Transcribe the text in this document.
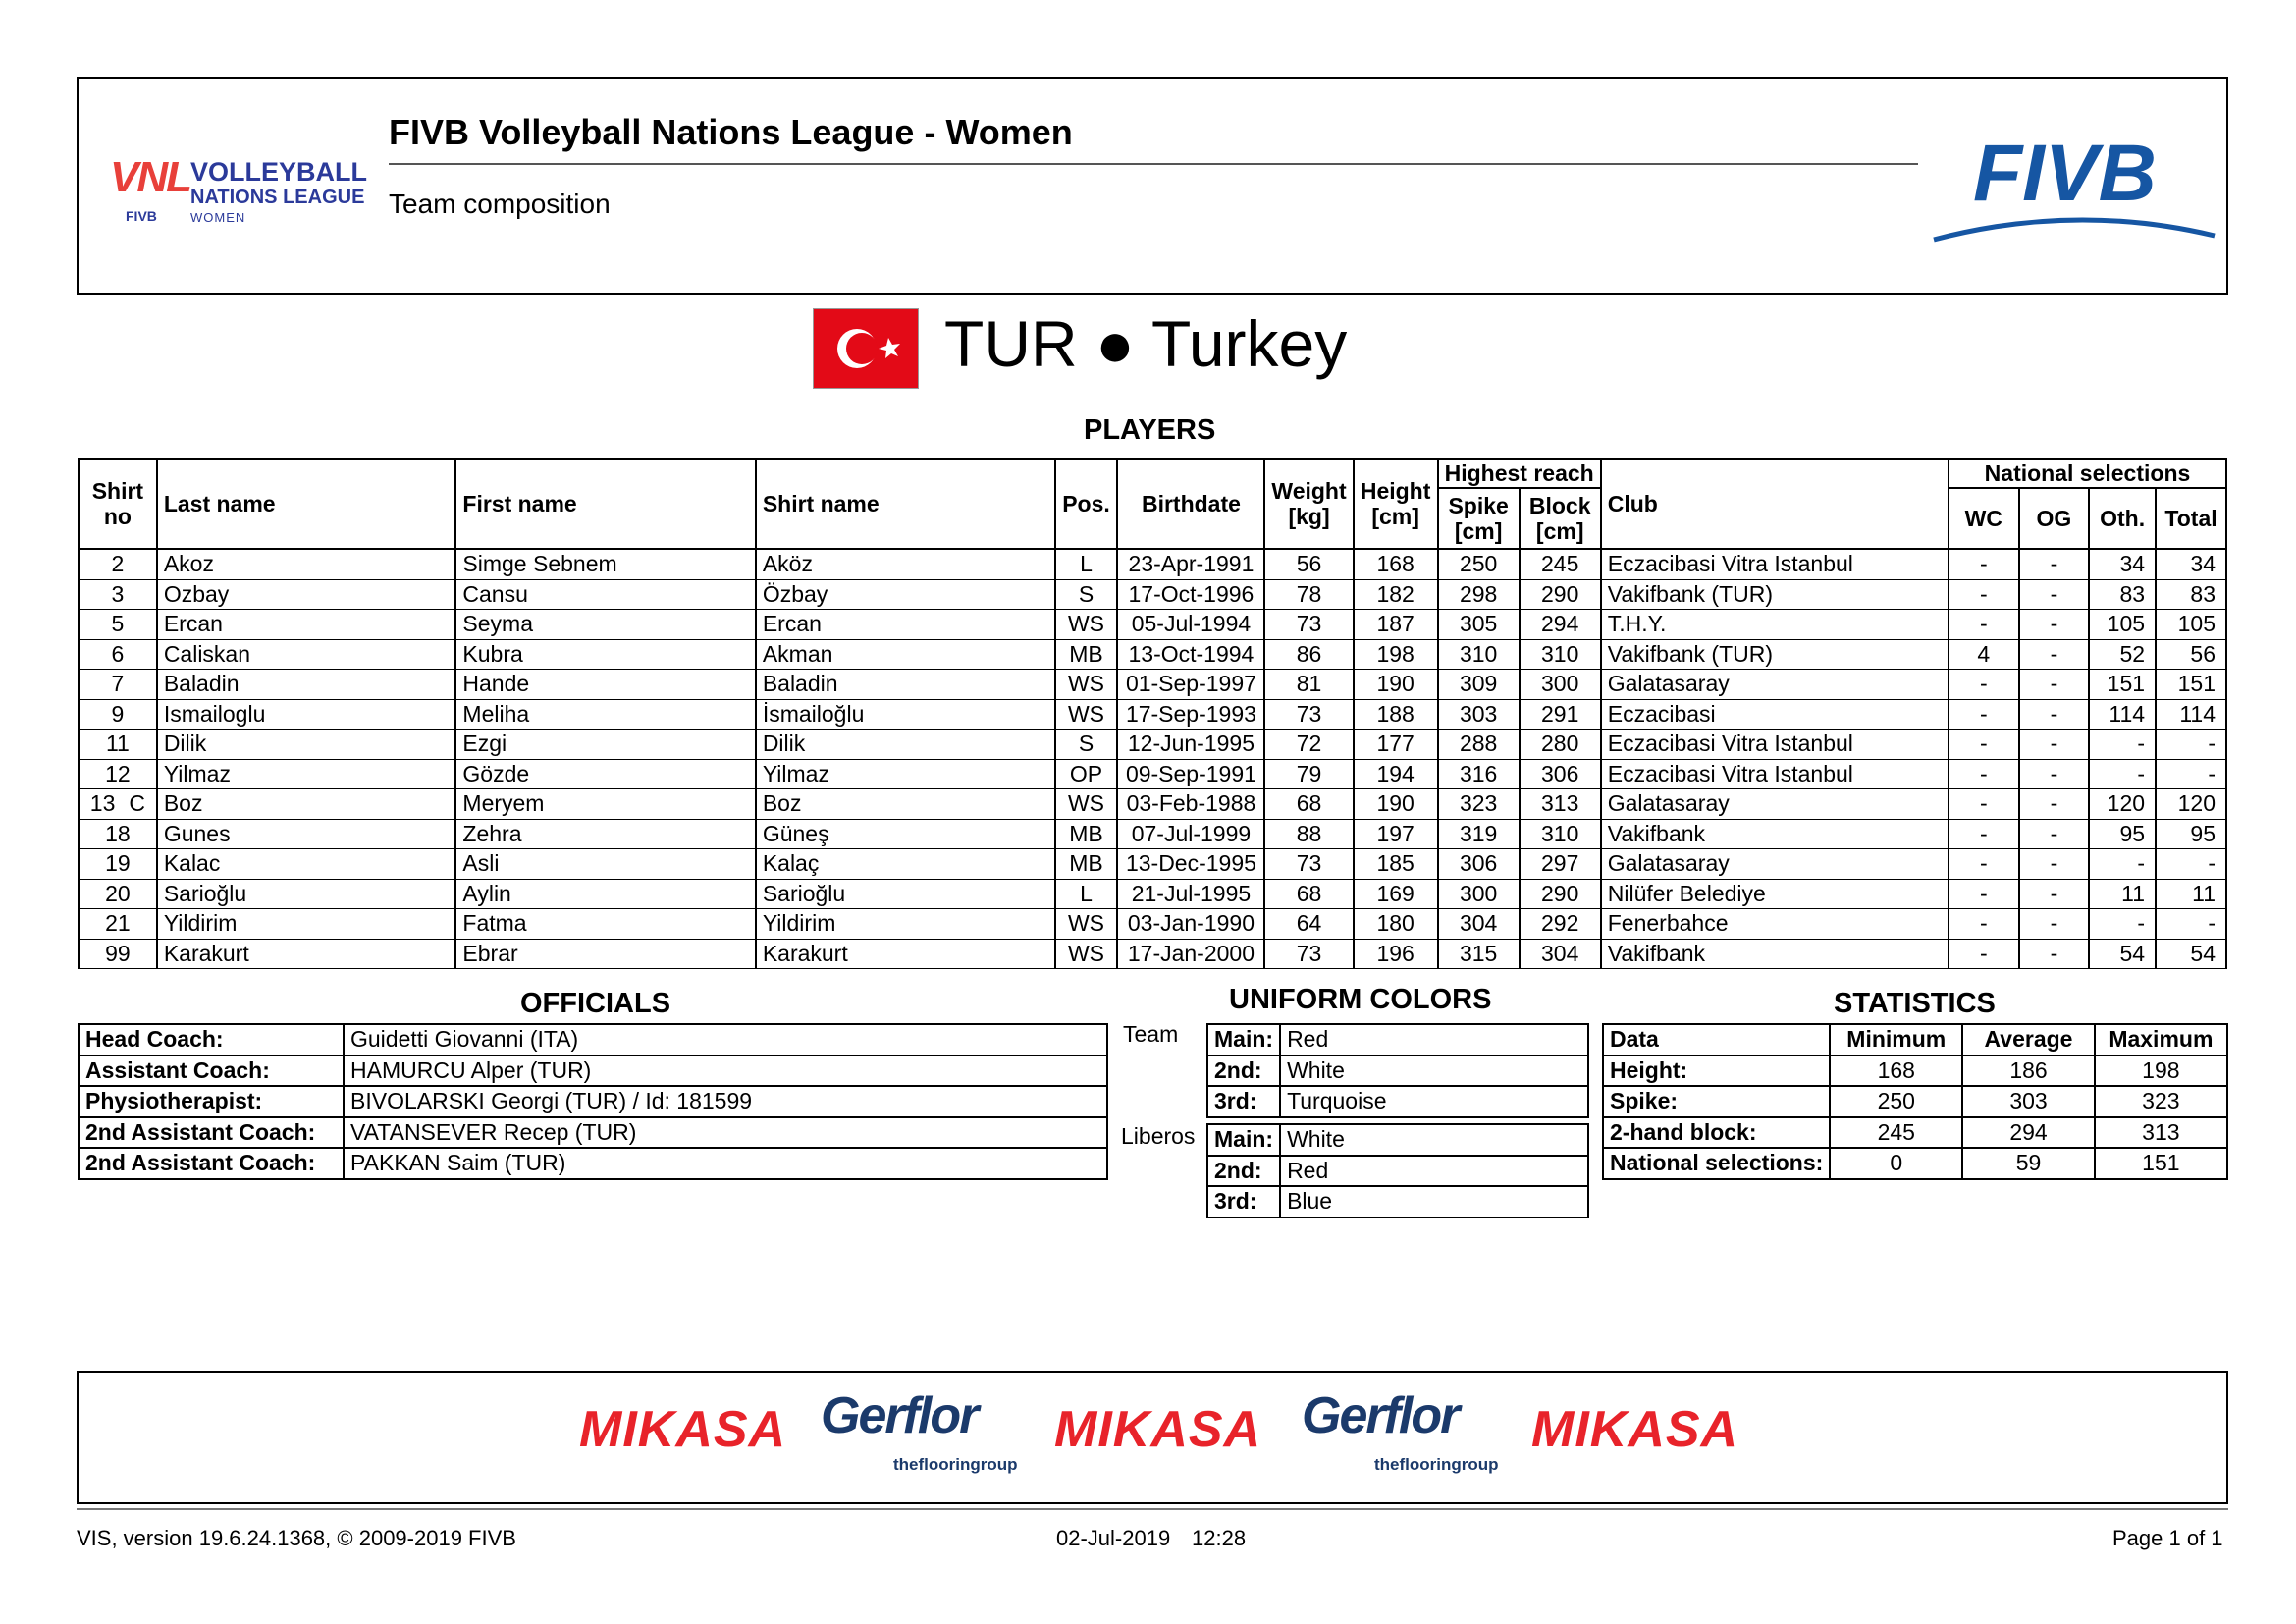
VNL
FIVB
VOLLEYBALL
NATIONS LEAGUE
WOMEN
FIVB Volleyball Nations League - Women
Team composition	FIVB
TUR ● Turkey
PLAYERS
Shirt no	Last name	First name	Shirt name	Pos.	Birthdate	Weight [kg]	Height [cm]	Highest reach		Club	National selections			
								Spike [cm]	Block [cm]		WC	OG	Oth.	Total
2	Akoz	Simge Sebnem	Aköz	L	23-Apr-1991	56	168	250	245	Eczacibasi Vitra Istanbul	-	-	34	34
3	Ozbay	Cansu	Özbay	S	17-Oct-1996	78	182	298	290	Vakifbank (TUR)	-	-	83	83
5	Ercan	Seyma	Ercan	WS	05-Jul-1994	73	187	305	294	T.H.Y.	-	-	105	105
6	Caliskan	Kubra	Akman	MB	13-Oct-1994	86	198	310	310	Vakifbank (TUR)	4	-	52	56
7	Baladin	Hande	Baladin	WS	01-Sep-1997	81	190	309	300	Galatasaray	-	-	151	151
9	Ismailoglu	Meliha	İsmailoğlu	WS	17-Sep-1993	73	188	303	291	Eczacibasi	-	-	114	114
11	Dilik	Ezgi	Dilik	S	12-Jun-1995	72	177	288	280	Eczacibasi Vitra Istanbul	-	-	-	-
12	Yilmaz	Gözde	Yilmaz	OP	09-Sep-1991	79	194	316	306	Eczacibasi Vitra Istanbul	-	-	-	-
13 C	Boz	Meryem	Boz	WS	03-Feb-1988	68	190	323	313	Galatasaray	-	-	120	120
18	Gunes	Zehra	Güneş	MB	07-Jul-1999	88	197	319	310	Vakifbank	-	-	95	95
19	Kalac	Asli	Kalaç	MB	13-Dec-1995	73	185	306	297	Galatasaray	-	-	-	-
20	Sarioğlu	Aylin	Sarioğlu	L	21-Jul-1995	68	169	300	290	Nilüfer Belediye	-	-	11	11
21	Yildirim	Fatma	Yildirim	WS	03-Jan-1990	64	180	304	292	Fenerbahce	-	-	-	-
99	Karakurt	Ebrar	Karakurt	WS	17-Jan-2000	73	196	315	304	Vakifbank	-	-	54	54
OFFICIALS
Head Coach:	Guidetti Giovanni (ITA)
Assistant Coach:	HAMURCU Alper (TUR)
Physiotherapist:	BIVOLARSKI Georgi (TUR) / Id: 181599
2nd Assistant Coach:	VATANSEVER Recep (TUR)
2nd Assistant Coach:	PAKKAN Saim (TUR)
UNIFORM COLORS
Team
Liberos
Main:	Red
2nd:	White
3rd:	Turquoise
Main:	White
2nd:	Red
3rd:	Blue
STATISTICS
Data	Minimum	Average	Maximum
Height:	168	186	198
Spike:	250	303	323
2-hand block:	245	294	313
National selections:	0	59	151
MIKASA Gerflor
theflooringroup
MIKASA Gerflor
theflooringroup
MIKASA
VIS, version 19.6.24.1368, © 2009-2019 FIVB	02-Jul-2019 12:28	Page 1 of 1
